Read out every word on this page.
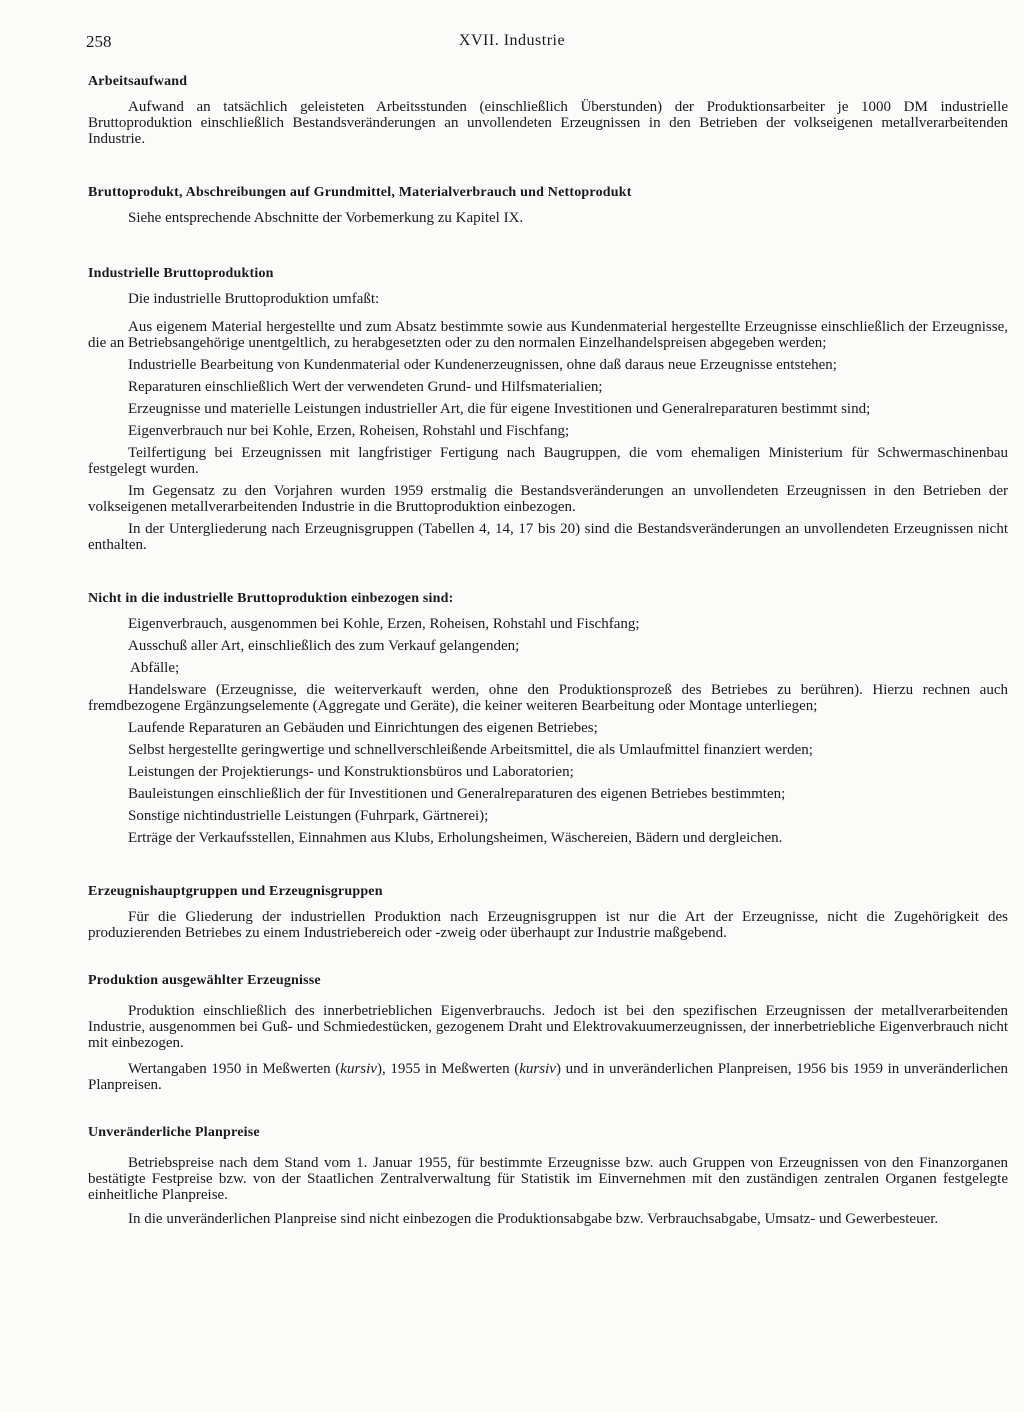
258	XVII. Industrie
Arbeitsaufwand

Aufwand an tatsächlich geleisteten Arbeitsstunden (einschließlich Überstunden) der Produktionsarbeiter je 1000 DM industrielle Bruttoproduktion einschließlich Bestandsveränderungen an unvollendeten Erzeugnissen in den Betrieben der volkseigenen metallverarbeitenden Industrie.

Bruttoprodukt, Abschreibungen auf Grundmittel, Materialverbrauch und Nettoprodukt

Siehe entsprechende Abschnitte der Vorbemerkung zu Kapitel IX.

Industrielle Bruttoproduktion

Die industrielle Bruttoproduktion umfaßt:

Aus eigenem Material hergestellte und zum Absatz bestimmte sowie aus Kundenmaterial hergestellte Erzeugnisse einschließlich der Erzeugnisse, die an Betriebsangehörige unentgeltlich, zu herabgesetzten oder zu den normalen Einzelhandelspreisen abgegeben werden;

Industrielle Bearbeitung von Kundenmaterial oder Kundenerzeugnissen, ohne daß daraus neue Erzeugnisse entstehen;

Reparaturen einschließlich Wert der verwendeten Grund- und Hilfsmaterialien;

Erzeugnisse und materielle Leistungen industrieller Art, die für eigene Investitionen und Generalreparaturen bestimmt sind;

Eigenverbrauch nur bei Kohle, Erzen, Roheisen, Rohstahl und Fischfang;

Teilfertigung bei Erzeugnissen mit langfristiger Fertigung nach Baugruppen, die vom ehemaligen Ministerium für Schwermaschinenbau festgelegt wurden.

Im Gegensatz zu den Vorjahren wurden 1959 erstmalig die Bestandsveränderungen an unvollendeten Erzeugnissen in den Betrieben der volkseigenen metallverarbeitenden Industrie in die Bruttoproduktion einbezogen.

In der Untergliederung nach Erzeugnisgruppen (Tabellen 4, 14, 17 bis 20) sind die Bestandsveränderungen an unvollendeten Erzeugnissen nicht enthalten.

Nicht in die industrielle Bruttoproduktion einbezogen sind:

Eigenverbrauch, ausgenommen bei Kohle, Erzen, Roheisen, Rohstahl und Fischfang;

Ausschuß aller Art, einschließlich des zum Verkauf gelangenden;

Abfälle;

Handelsware (Erzeugnisse, die weiterverkauft werden, ohne den Produktionsprozeß des Betriebes zu berühren). Hierzu rechnen auch fremdbezogene Ergänzungselemente (Aggregate und Geräte), die keiner weiteren Bearbeitung oder Montage unterliegen;

Laufende Reparaturen an Gebäuden und Einrichtungen des eigenen Betriebes;

Selbst hergestellte geringwertige und schnellverschleißende Arbeitsmittel, die als Umlaufmittel finanziert werden;

Leistungen der Projektierungs- und Konstruktionsbüros und Laboratorien;

Bauleistungen einschließlich der für Investitionen und Generalreparaturen des eigenen Betriebes bestimmten;

Sonstige nichtindustrielle Leistungen (Fuhrpark, Gärtnerei);

Erträge der Verkaufsstellen, Einnahmen aus Klubs, Erholungsheimen, Wäschereien, Bädern und dergleichen.

Erzeugnishauptgruppen und Erzeugnisgruppen

Für die Gliederung der industriellen Produktion nach Erzeugnisgruppen ist nur die Art der Erzeugnisse, nicht die Zugehörigkeit des produzierenden Betriebes zu einem Industriebereich oder -zweig oder überhaupt zur Industrie maßgebend.

Produktion ausgewählter Erzeugnisse

Produktion einschließlich des innerbetrieblichen Eigenverbrauchs. Jedoch ist bei den spezifischen Erzeugnissen der metallverarbeitenden Industrie, ausgenommen bei Guß- und Schmiedestücken, gezogenem Draht und Elektrovakuumerzeugnissen, der innerbetriebliche Eigenverbrauch nicht mit einbezogen.

Wertangaben 1950 in Meßwerten (kursiv), 1955 in Meßwerten (kursiv) und in unveränderlichen Planpreisen, 1956 bis 1959 in unveränderlichen Planpreisen.

Unveränderliche Planpreise

Betriebspreise nach dem Stand vom 1. Januar 1955, für bestimmte Erzeugnisse bzw. auch Gruppen von Erzeugnissen von den Finanzorganen bestätigte Festpreise bzw. von der Staatlichen Zentralverwaltung für Statistik im Einvernehmen mit den zuständigen zentralen Organen festgelegte einheitliche Planpreise.

In die unveränderlichen Planpreise sind nicht einbezogen die Produktionsabgabe bzw. Verbrauchsabgabe, Umsatz- und Gewerbesteuer.
